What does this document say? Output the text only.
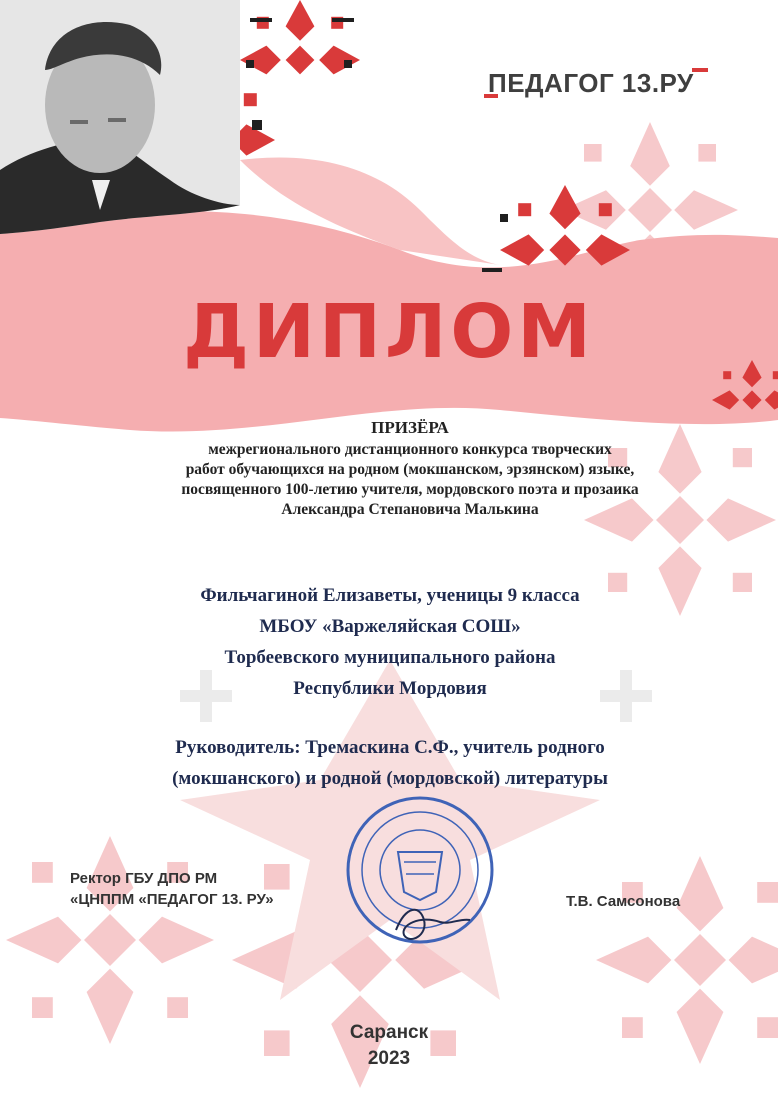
ПЕДАГОГ 13.РУ
ДИПЛОМ
ПРИЗЁРА
межрегионального дистанционного конкурса творческих
работ обучающихся на родном (мокшанском, эрзянском) языке,
посвященного 100-летию учителя, мордовского поэта и прозаика
Александра Степановича Малькина
Фильчагиной Елизаветы, ученицы 9 класса
МБОУ «Варжеляйская СОШ»
Торбеевского муниципального района
Республики Мордовия
Руководитель: Тремаскина С.Ф., учитель родного
(мокшанского) и родной (мордовской) литературы
Ректор ГБУ ДПО РМ
«ЦНППМ «ПЕДАГОГ 13. РУ»	Т.В. Самсонова
Саранск
2023
